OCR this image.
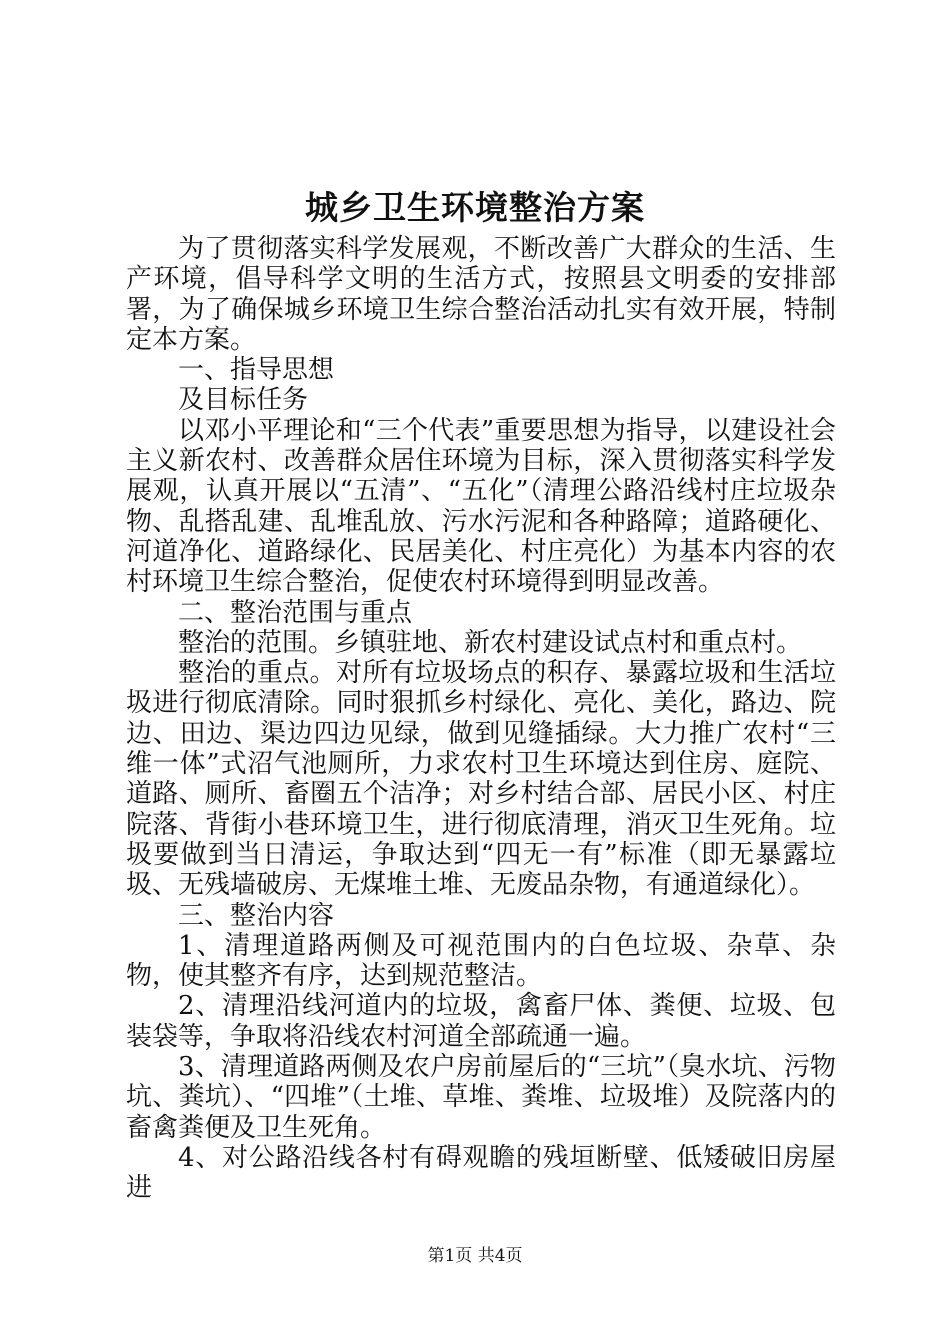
城乡卫生环境整治方案

为了贯彻落实科学发展观，不断改善广大群众的生活、生产环境，倡导科学文明的生活方式，按照县文明委的安排部署，为了确保城乡环境卫生综合整治活动扎实有效开展，特制定本方案。

一、指导思想

及目标任务

以邓小平理论和“三个代表”重要思想为指导，以建设社会主义新农村、改善群众居住环境为目标，深入贯彻落实科学发展观，认真开展以“五清”、“五化”（清理公路沿线村庄垃圾杂物、乱搭乱建、乱堆乱放、污水污泥和各种路障；道路硬化、河道净化、道路绿化、民居美化、村庄亮化）为基本内容的农村环境卫生综合整治，促使农村环境得到明显改善。

二、整治范围与重点

整治的范围。乡镇驻地、新农村建设试点村和重点村。

整治的重点。对所有垃圾场点的积存、暴露垃圾和生活垃圾进行彻底清除。同时狠抓乡村绿化、亮化、美化，路边、院边、田边、渠边四边见绿，做到见缝插绿。大力推广农村“三维一体”式沼气池厕所，力求农村卫生环境达到住房、庭院、道路、厕所、畜圈五个洁净；对乡村结合部、居民小区、村庄院落、背街小巷环境卫生，进行彻底清理，消灭卫生死角。垃圾要做到当日清运，争取达到“四无一有”标准（即无暴露垃圾、无残墙破房、无煤堆土堆、无废品杂物，有通道绿化）。

三、整治内容

1、清理道路两侧及可视范围内的白色垃圾、杂草、杂物，使其整齐有序，达到规范整洁。

2、清理沿线河道内的垃圾，禽畜尸体、粪便、垃圾、包装袋等，争取将沿线农村河道全部疏通一遍。

3、清理道路两侧及农户房前屋后的“三坑”（臭水坑、污物坑、粪坑）、“四堆”（土堆、草堆、粪堆、垃圾堆）及院落内的畜禽粪便及卫生死角。

4、对公路沿线各村有碍观瞻的残垣断壁、低矮破旧房屋进

第1页 共4页
